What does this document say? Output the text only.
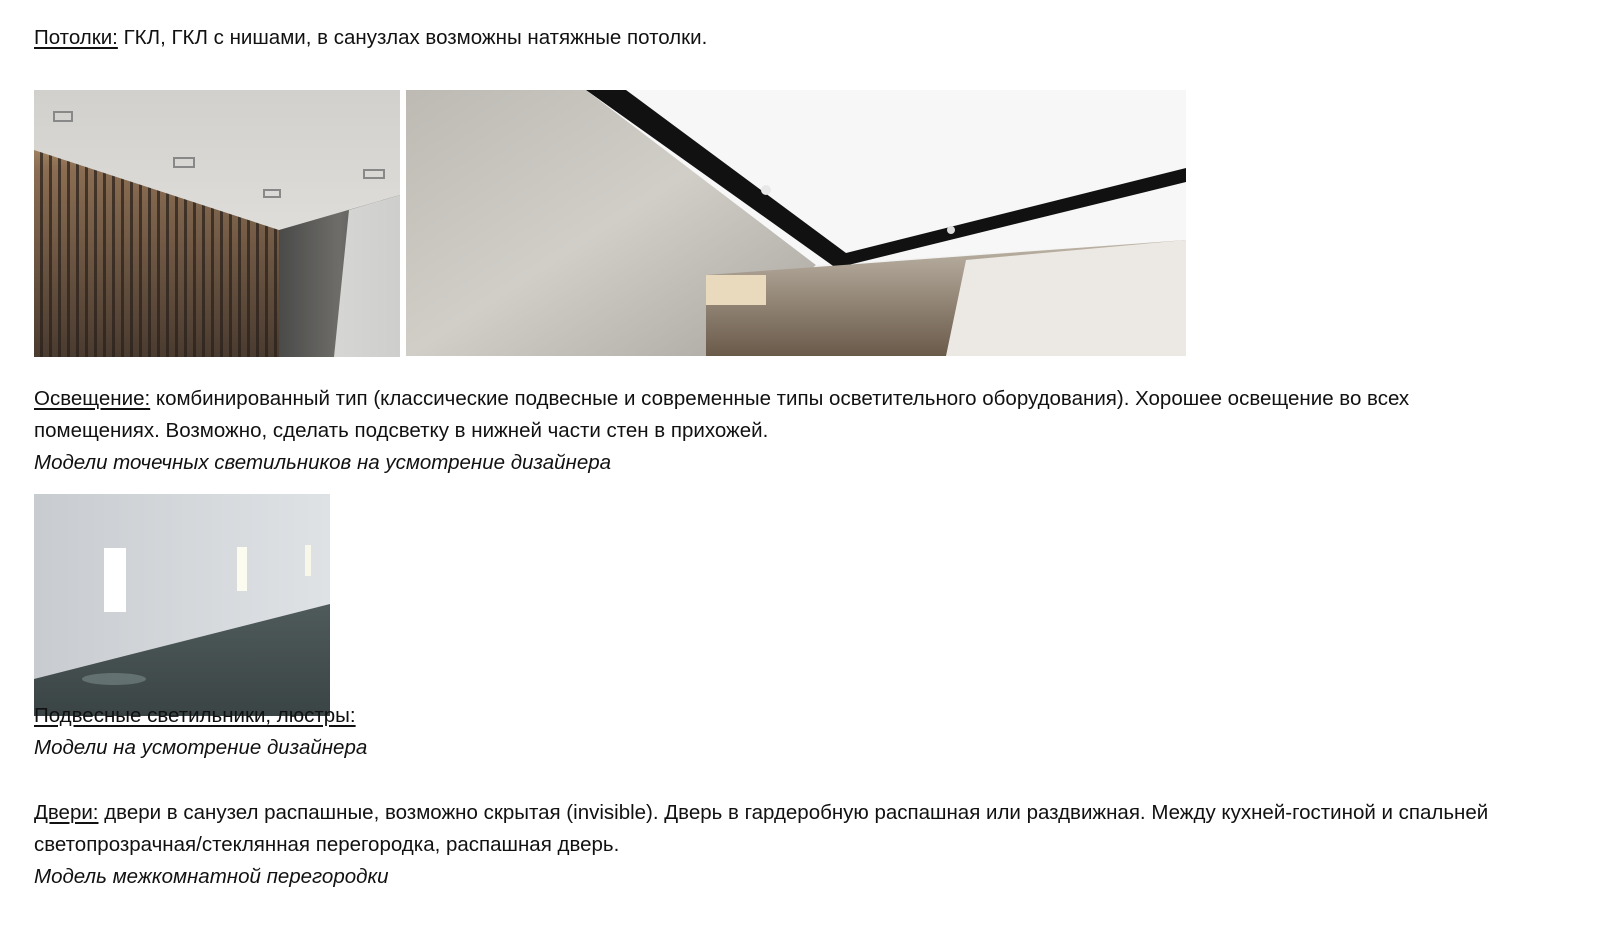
Потолки: ГКЛ, ГКЛ с нишами, в санузлах возможны натяжные потолки.
Освещение: комбинированный тип (классические подвесные и современные типы осветительного оборудования). Хорошее освещение во всех
помещениях. Возможно, сделать подсветку в нижней части стен в прихожей.
Модели точечных светильников на усмотрение дизайнера
Подвесные светильники, люстры:
Модели на усмотрение дизайнера
Двери: двери в санузел распашные, возможно скрытая (invisible). Дверь в гардеробную распашная или раздвижная. Между кухней-гостиной и спальней
светопрозрачная/стеклянная перегородка, распашная дверь.
Модель межкомнатной перегородки
